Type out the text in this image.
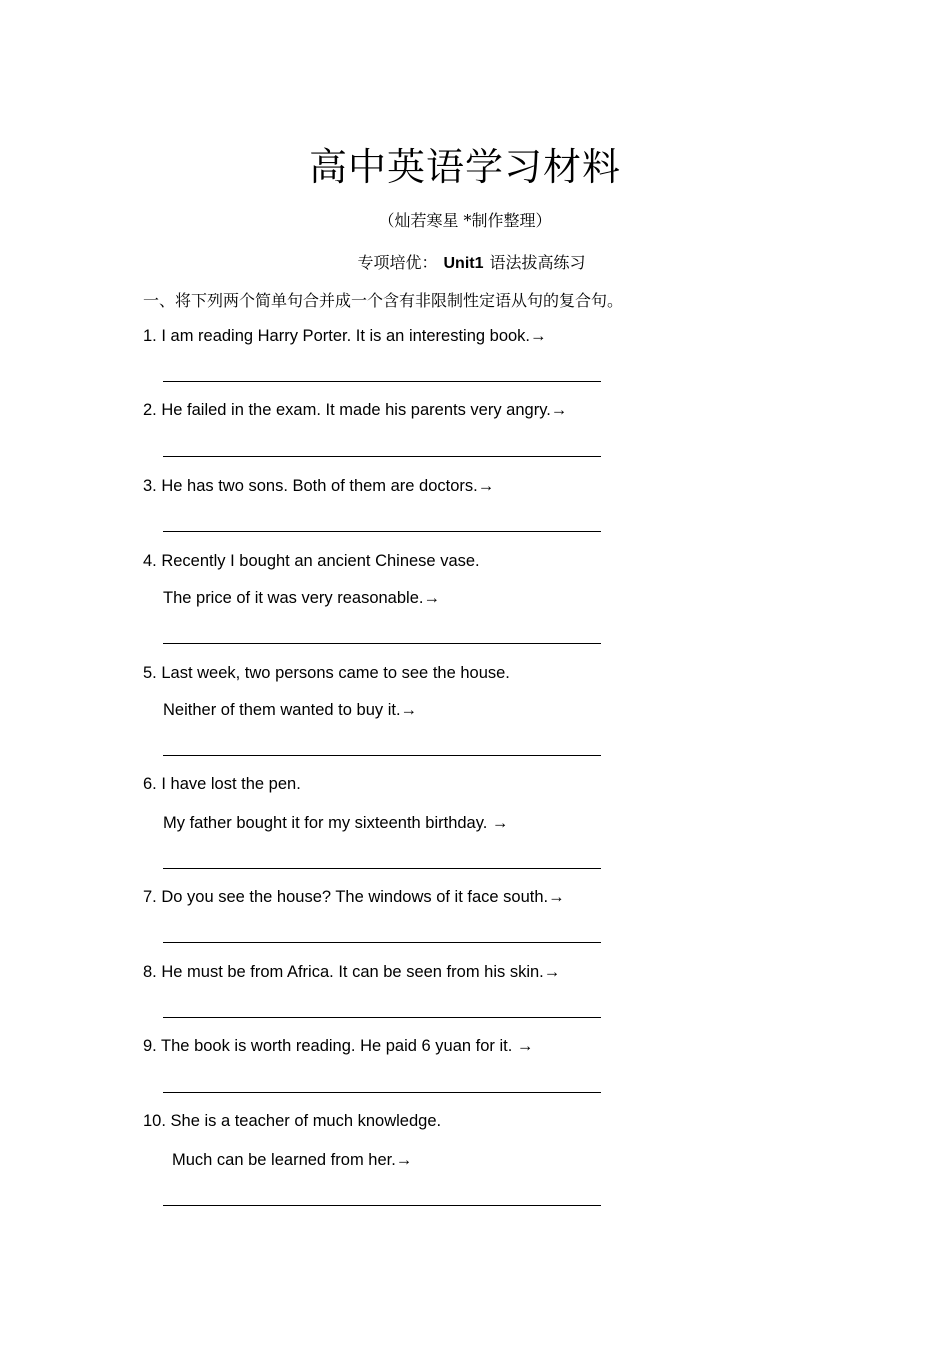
高中英语学习材料
（灿若寒星 *制作整理）
专项培优： Unit1 语法拔高练习
一、将下列两个简单句合并成一个含有非限制性定语从句的复合句。
1. I am reading Harry Porter. It is an interesting book.→
2. He failed in the exam. It made his parents very angry.→
3. He has two sons. Both of them are doctors.→
4. Recently I bought an ancient Chinese vase.
The price of it was very reasonable.→
5. Last week, two persons came to see the house.
Neither of them wanted to buy it.→
6. I have lost the pen.
My father bought it for my sixteenth birthday. →
7. Do you see the house? The windows of it face south.→
8. He must be from Africa. It can be seen from his skin.→
9. The book is worth reading. He paid 6 yuan for it. →
10. She is a teacher of much knowledge.
Much can be learned from her.→
